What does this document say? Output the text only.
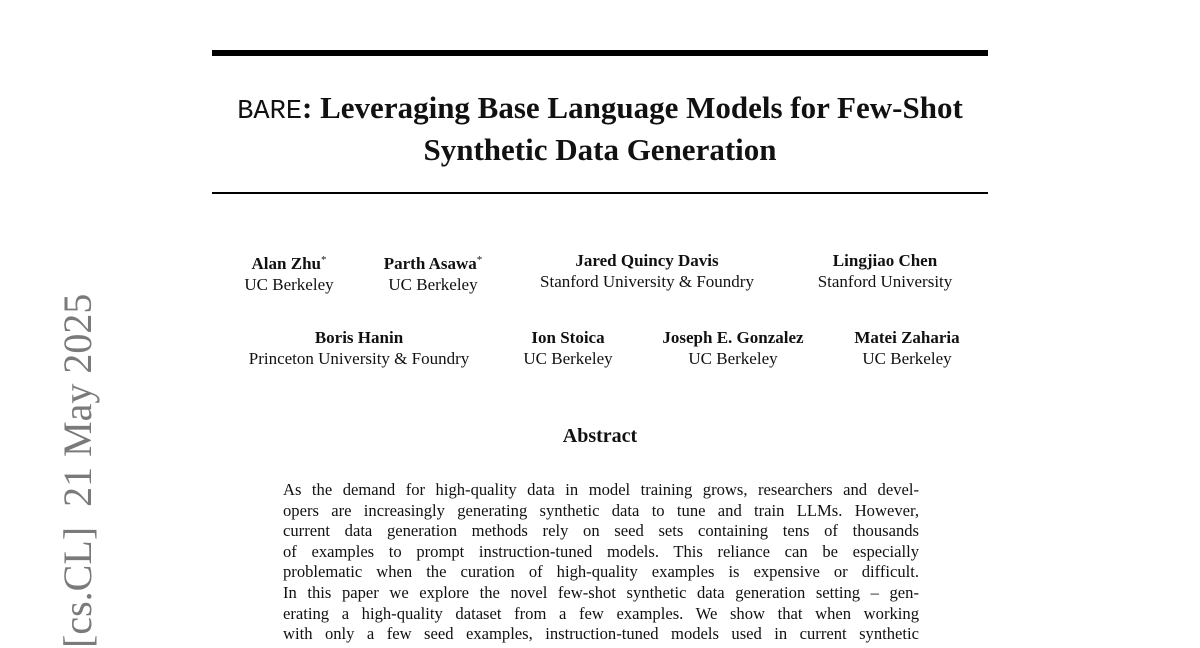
[cs.CL]21 May 2025
BARE: Leveraging Base Language Models for Few-Shot
Synthetic Data Generation
Alan Zhu*
UC Berkeley
Parth Asawa*
UC Berkeley
Jared Quincy Davis
Stanford University & Foundry
Lingjiao Chen
Stanford University
Boris Hanin
Princeton University & Foundry
Ion Stoica
UC Berkeley
Joseph E. Gonzalez
UC Berkeley
Matei Zaharia
UC Berkeley
Abstract
As the demand for high-quality data in model training grows, researchers and devel-
opers are increasingly generating synthetic data to tune and train LLMs. However,
current data generation methods rely on seed sets containing tens of thousands
of examples to prompt instruction-tuned models. This reliance can be especially
problematic when the curation of high-quality examples is expensive or difficult.
In this paper we explore the novel few-shot synthetic data generation setting – gen-
erating a high-quality dataset from a few examples. We show that when working
with only a few seed examples, instruction-tuned models used in current synthetic
